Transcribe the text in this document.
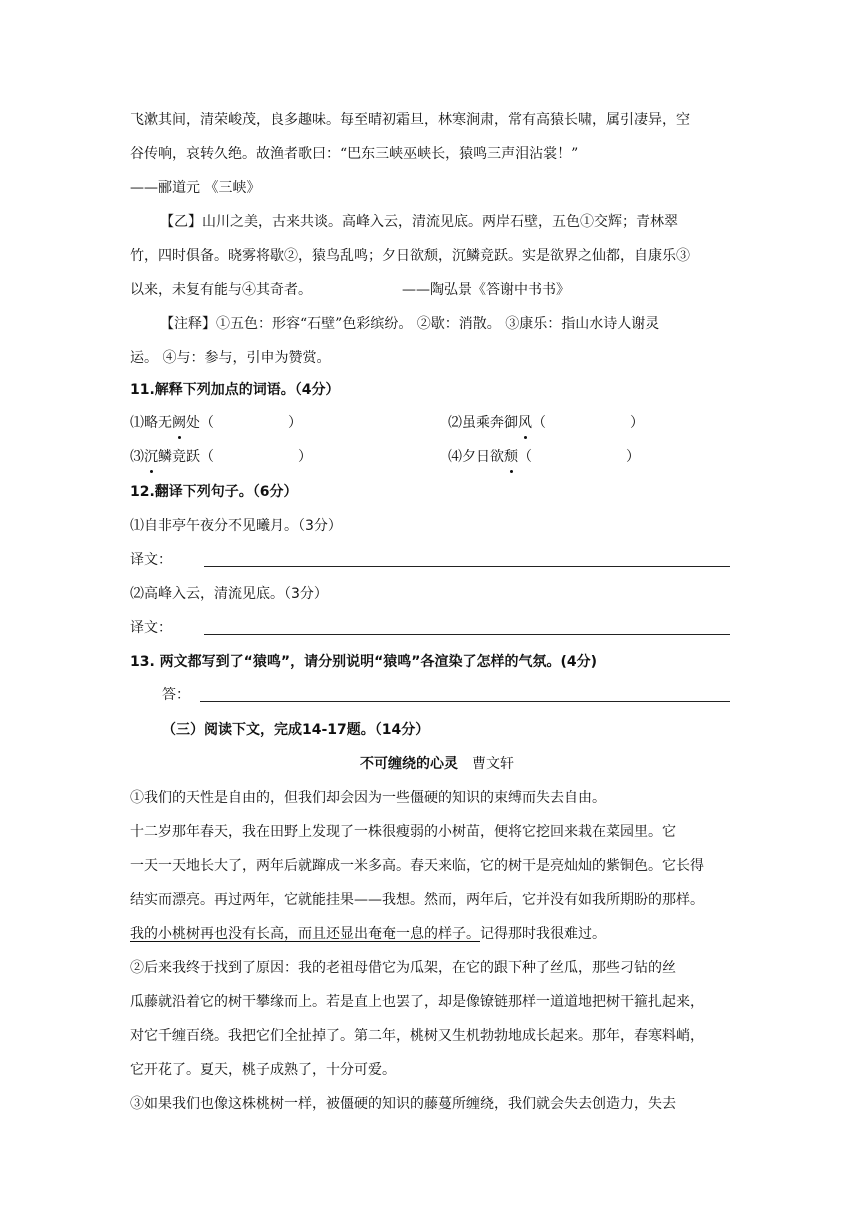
飞漱其间，清荣峻茂，良多趣味。每至晴初霜旦，林寒涧肃，常有高猿长啸，属引凄异，空
谷传响，哀转久绝。故渔者歌曰：“巴东三峡巫峡长，猿鸣三声泪沾裳！”
——郦道元 《三峡》
【乙】山川之美，古来共谈。高峰入云，清流见底。两岸石壁，五色①交辉；青林翠
竹，四时俱备。晓雾将歇②，猿鸟乱鸣；夕日欲颓，沉鳞竞跃。实是欲界之仙都，自康乐③
以来，未复有能与④其奇者。	——陶弘景《答谢中书书》
【注释】①五色：形容“石壁”色彩缤纷。 ②歇：消散。 ③康乐：指山水诗人谢灵
运。 ④与：参与，引申为赞赏。
11.解释下列加点的词语。（4分）
⑴略无阙处（	）	⑵虽乘奔御风（	）
⑶沉鳞竞跃（	）	⑷夕日欲颓（	）
12.翻译下列句子。（6分）
⑴自非亭午夜分不见曦月。（3分）
译文：
⑵高峰入云，清流见底。（3分）
译文：
13. 两文都写到了“猿鸣”，请分别说明“猿鸣”各渲染了怎样的气氛。(4分)
答：
（三）阅读下文，完成14-17题。（14分）
不可缠绕的心灵 曹文轩
①我们的天性是自由的，但我们却会因为一些僵硬的知识的束缚而失去自由。
十二岁那年春天，我在田野上发现了一株很瘦弱的小树苗，便将它挖回来栽在菜园里。它
一天一天地长大了，两年后就蹿成一米多高。春天来临，它的树干是亮灿灿的紫铜色。它长得
结实而漂亮。再过两年，它就能挂果——我想。然而，两年后，它并没有如我所期盼的那样。
我的小桃树再也没有长高，而且还显出奄奄一息的样子。记得那时我很难过。
②后来我终于找到了原因：我的老祖母借它为瓜架，在它的跟下种了丝瓜，那些刁钻的丝
瓜藤就沿着它的树干攀缘而上。若是直上也罢了，却是像镣链那样一道道地把树干箍扎起来，
对它千缠百绕。我把它们全扯掉了。第二年，桃树又生机勃勃地成长起来。那年，春寒料峭，
它开花了。夏天，桃子成熟了，十分可爱。
③如果我们也像这株桃树一样，被僵硬的知识的藤蔓所缠绕，我们就会失去创造力，失去
